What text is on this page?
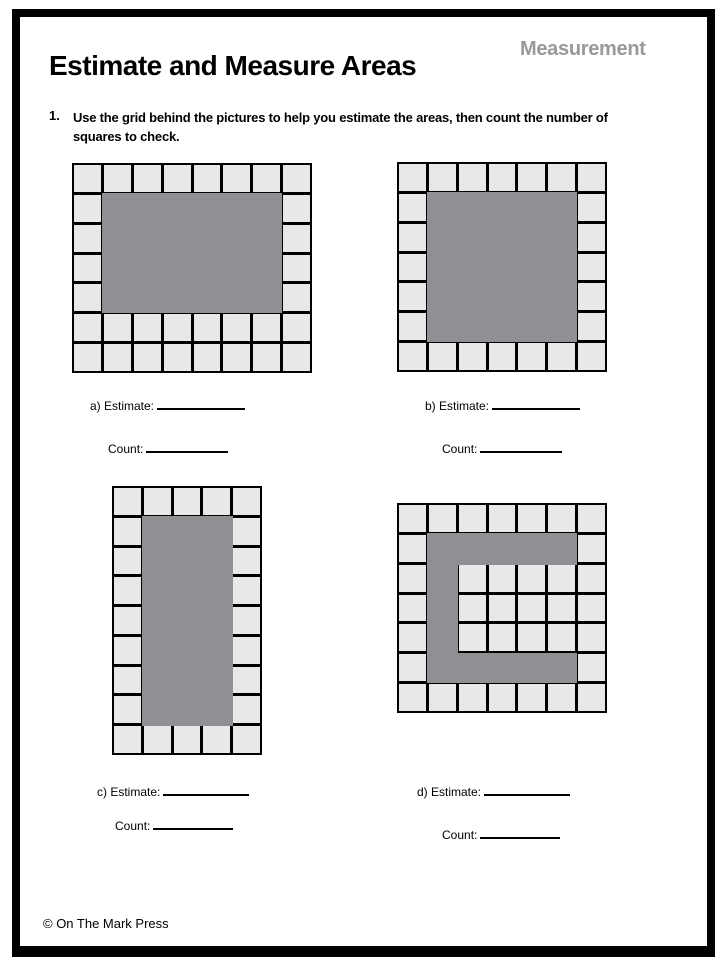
Measurement
Estimate and Measure Areas
1. Use the grid behind the pictures to help you estimate the areas, then count the number of squares to check.
a) Estimate:
Count:
b) Estimate:
Count:
c) Estimate:
Count:
d) Estimate:
Count:
© On The Mark Press
